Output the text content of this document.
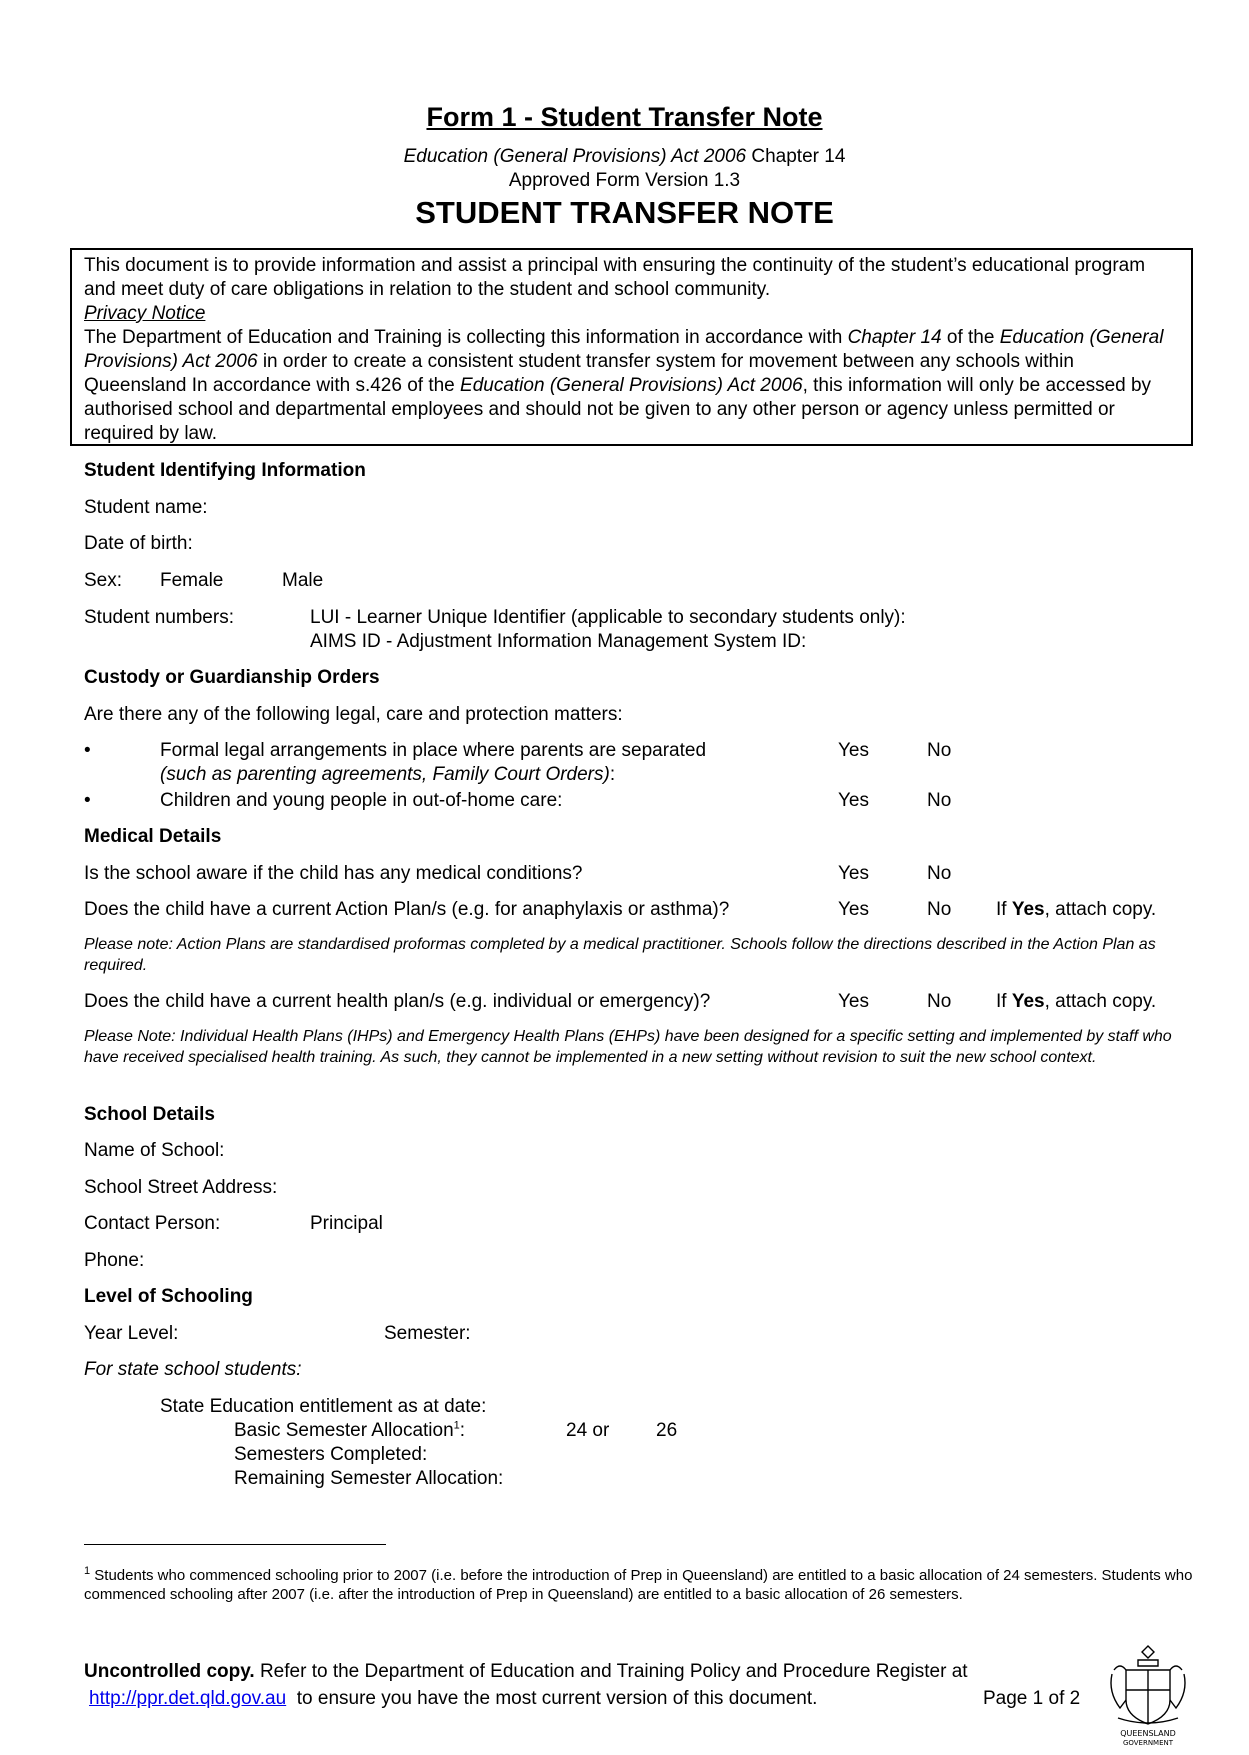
Form 1 - Student Transfer Note
Education (General Provisions) Act 2006 Chapter 14
Approved Form Version 1.3
STUDENT TRANSFER NOTE

This document is to provide information and assist a principal with ensuring the continuity of the student’s educational program and meet duty of care obligations in relation to the student and school community.

Privacy Notice

The Department of Education and Training is collecting this information in accordance with Chapter 14 of the Education (General Provisions) Act 2006 in order to create a consistent student transfer system for movement between any schools within Queensland In accordance with s.426 of the Education (General Provisions) Act 2006, this information will only be accessed by authorised school and departmental employees and should not be given to any other person or agency unless permitted or required by law.

Student Identifying Information
Student name:
Date of birth:
Sex: Female	Male
Student numbers:	LUI - Learner Unique Identifier (applicable to secondary students only):
AIMS ID - Adjustment Information Management System ID:
Custody or Guardianship Orders
Are there any of the following legal, care and protection matters:
•	Formal legal arrangements in place where parents are separated
(such as parenting agreements, Family Court Orders):
Yes	No
•	Children and young people in out-of-home care:	Yes	No
Medical Details
Is the school aware if the child has any medical conditions?	Yes	No
Does the child have a current Action Plan/s (e.g. for anaphylaxis or asthma)?	Yes	No If Yes, attach copy.
Please note: Action Plans are standardised proformas completed by a medical practitioner. Schools follow the directions described in the Action Plan as required.
Does the child have a current health plan/s (e.g. individual or emergency)?	Yes	No If Yes, attach copy.
Please Note: Individual Health Plans (IHPs) and Emergency Health Plans (EHPs) have been designed for a specific setting and implemented by staff who have received specialised health training. As such, they cannot be implemented in a new setting without revision to suit the new school context.
School Details
Name of School:
School Street Address:
Contact Person:	Principal
Phone:
Level of Schooling
Year Level:	Semester:
For state school students:
State Education entitlement as at date:
Basic Semester Allocation$^1$:	24 or 26
Semesters Completed:
Remaining Semester Allocation:
$^1$ Students who commenced schooling prior to 2007 (i.e. before the introduction of Prep in Queensland) are entitled to a basic allocation of 24 semesters. Students who commenced schooling after 2007 (i.e. after the introduction of Prep in Queensland) are entitled to a basic allocation of 26 semesters.
Uncontrolled copy. Refer to the Department of Education and Training Policy and Procedure Register at
http://ppr.det.qld.gov.au to ensure you have the most current version of this document.	Page 1 of 2
QUEENSLAND
GOVERNMENT
